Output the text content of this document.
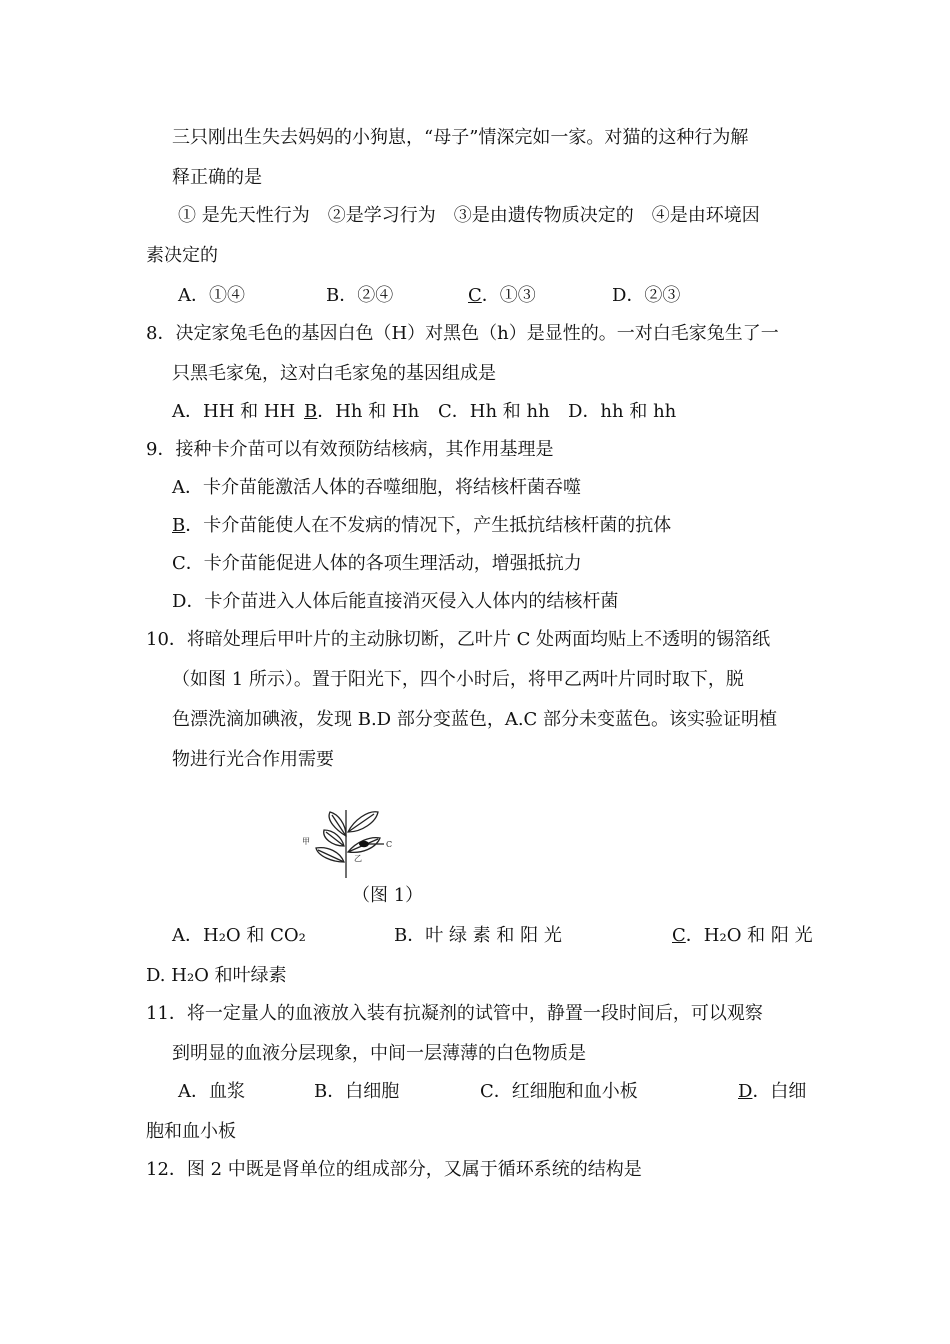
三只刚出生失去妈妈的小狗崽，“母子”情深完如一家。对猫的这种行为解
释正确的是
① 是先天性行为　②是学习行为　③是由遗传物质决定的　④是由环境因
素决定的
A．①④	B．②④	C．①③	D．②③
8．决定家兔毛色的基因白色（H）对黑色（h）是显性的。一对白毛家兔生了一
只黑毛家兔，这对白毛家兔的基因组成是
A．HH 和 HH B．Hh 和 Hh C．Hh 和 hh D．hh 和 hh
9．接种卡介苗可以有效预防结核病，其作用基理是
A．卡介苗能激活人体的吞噬细胞，将结核杆菌吞噬
B．卡介苗能使人在不发病的情况下，产生抵抗结核杆菌的抗体
C．卡介苗能促进人体的各项生理活动，增强抵抗力
D．卡介苗进入人体后能直接消灭侵入人体内的结核杆菌
10．将暗处理后甲叶片的主动脉切断，乙叶片 C 处两面均贴上不透明的锡箔纸
（如图 1 所示）。置于阳光下，四个小时后，将甲乙两叶片同时取下，脱
色漂洗滴加碘液，发现 B.D 部分变蓝色，A.C 部分未变蓝色。该实验证明植
物进行光合作用需要
甲
乙
C
（图 1）
A．H₂O 和 CO₂	B．叶 绿 素 和 阳 光	C．H₂O 和 阳 光
D. H₂O 和叶绿素
11．将一定量人的血液放入装有抗凝剂的试管中，静置一段时间后，可以观察
到明显的血液分层现象，中间一层薄薄的白色物质是
A．血浆	B．白细胞	C．红细胞和血小板	D．白细
胞和血小板
12．图 2 中既是肾单位的组成部分，又属于循环系统的结构是
